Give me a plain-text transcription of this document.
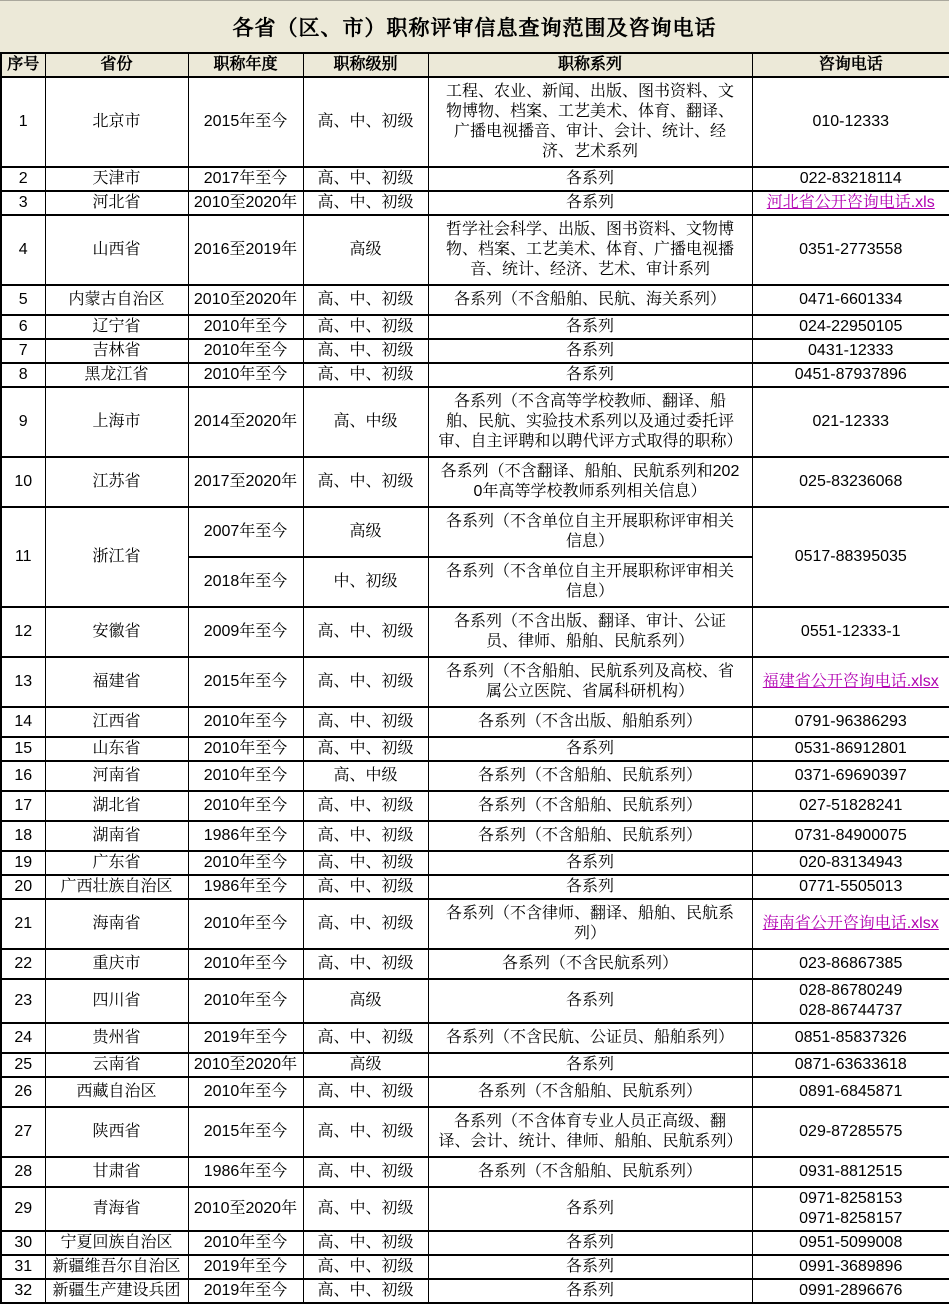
各省（区、市）职称评审信息查询范围及咨询电话
序号	省份	职称年度	职称级别	职称系列	咨询电话
1	北京市	2015年至今	高、中、初级	工程、农业、新闻、出版、图书资料、文物博物、档案、工艺美术、体育、翻译、广播电视播音、审计、会计、统计、经济、艺术系列	010-12333
2	天津市	2017年至今	高、中、初级	各系列	022-83218114
3	河北省	2010至2020年	高、中、初级	各系列	河北省公开咨询电话.xls
4	山西省	2016至2019年	高级	哲学社会科学、出版、图书资料、文物博物、档案、工艺美术、体育、广播电视播音、统计、经济、艺术、审计系列	0351-2773558
5	内蒙古自治区	2010至2020年	高、中、初级	各系列（不含船舶、民航、海关系列）	0471-6601334
6	辽宁省	2010年至今	高、中、初级	各系列	024-22950105
7	吉林省	2010年至今	高、中、初级	各系列	0431-12333
8	黑龙江省	2010年至今	高、中、初级	各系列	0451-87937896
9	上海市	2014至2020年	高、中级	各系列（不含高等学校教师、翻译、船舶、民航、实验技术系列以及通过委托评审、自主评聘和以聘代评方式取得的职称）	021-12333
10	江苏省	2017至2020年	高、中、初级	各系列（不含翻译、船舶、民航系列和2020年高等学校教师系列相关信息）	025-83236068
11	浙江省	2007年至今	高级	各系列（不含单位自主开展职称评审相关信息）	0517-88395035
		2018年至今	中、初级	各系列（不含单位自主开展职称评审相关信息）	
12	安徽省	2009年至今	高、中、初级	各系列（不含出版、翻译、审计、公证员、律师、船舶、民航系列）	0551-12333-1
13	福建省	2015年至今	高、中、初级	各系列（不含船舶、民航系列及高校、省属公立医院、省属科研机构）	福建省公开咨询电话.xlsx
14	江西省	2010年至今	高、中、初级	各系列（不含出版、船舶系列）	0791-96386293
15	山东省	2010年至今	高、中、初级	各系列	0531-86912801
16	河南省	2010年至今	高、中级	各系列（不含船舶、民航系列）	0371-69690397
17	湖北省	2010年至今	高、中、初级	各系列（不含船舶、民航系列）	027-51828241
18	湖南省	1986年至今	高、中、初级	各系列（不含船舶、民航系列）	0731-84900075
19	广东省	2010年至今	高、中、初级	各系列	020-83134943
20	广西壮族自治区	1986年至今	高、中、初级	各系列	0771-5505013
21	海南省	2010年至今	高、中、初级	各系列（不含律师、翻译、船舶、民航系列）	海南省公开咨询电话.xlsx
22	重庆市	2010年至今	高、中、初级	各系列（不含民航系列）	023-86867385
23	四川省	2010年至今	高级	各系列	028-86780249
028-86744737

24	贵州省	2019年至今	高、中、初级	各系列（不含民航、公证员、船舶系列）	0851-85837326
25	云南省	2010至2020年	高级	各系列	0871-63633618
26	西藏自治区	2010年至今	高、中、初级	各系列（不含船舶、民航系列）	0891-6845871
27	陕西省	2015年至今	高、中、初级	各系列（不含体育专业人员正高级、翻译、会计、统计、律师、船舶、民航系列）	029-87285575
28	甘肃省	1986年至今	高、中、初级	各系列（不含船舶、民航系列）	0931-8812515
29	青海省	2010至2020年	高、中、初级	各系列	0971-8258153
0971-8258157

30	宁夏回族自治区	2010年至今	高、中、初级	各系列	0951-5099008
31	新疆维吾尔自治区	2019年至今	高、中、初级	各系列	0991-3689896
32	新疆生产建设兵团	2019年至今	高、中、初级	各系列	0991-2896676
